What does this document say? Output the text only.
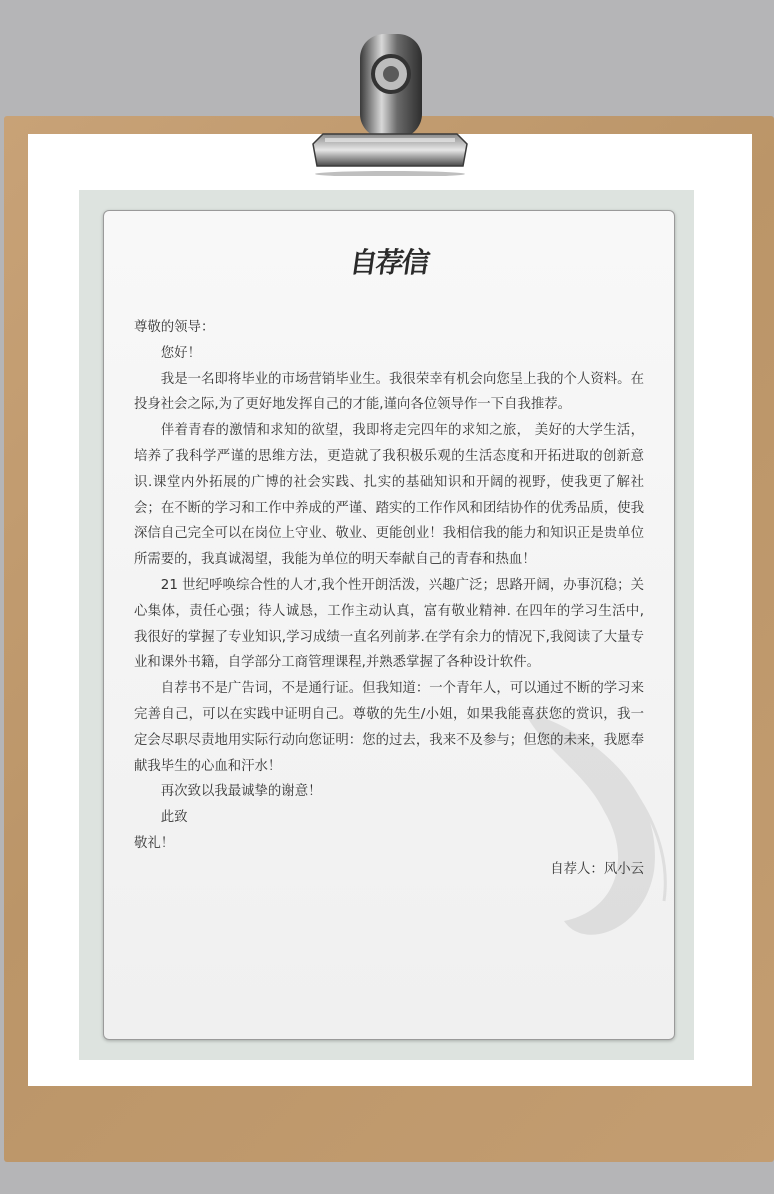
自荐信

尊敬的领导：

您好！

我是一名即将毕业的市场营销毕业生。我很荣幸有机会向您呈上我的个人资料。在投身社会之际,为了更好地发挥自己的才能,谨向各位领导作一下自我推荐。

伴着青春的激情和求知的欲望，我即将走完四年的求知之旅， 美好的大学生活，培养了我科学严谨的思维方法，更造就了我积极乐观的生活态度和开拓进取的创新意识.课堂内外拓展的广博的社会实践、扎实的基础知识和开阔的视野，使我更了解社会；在不断的学习和工作中养成的严谨、踏实的工作作风和团结协作的优秀品质，使我深信自己完全可以在岗位上守业、敬业、更能创业！我相信我的能力和知识正是贵单位所需要的，我真诚渴望，我能为单位的明天奉献自己的青春和热血！

21 世纪呼唤综合性的人才,我个性开朗活泼，兴趣广泛；思路开阔，办事沉稳；关心集体，责任心强；待人诚恳，工作主动认真，富有敬业精神. 在四年的学习生活中, 我很好的掌握了专业知识,学习成绩一直名列前茅.在学有余力的情况下,我阅读了大量专业和课外书籍，自学部分工商管理课程,并熟悉掌握了各种设计软件。

自荐书不是广告词，不是通行证。但我知道：一个青年人，可以通过不断的学习来完善自己，可以在实践中证明自己。尊敬的先生/小姐，如果我能喜获您的赏识，我一定会尽职尽责地用实际行动向您证明：您的过去，我来不及参与；但您的未来，我愿奉献我毕生的心血和汗水！

再次致以我最诚挚的谢意！

此致

敬礼！

自荐人：风小云
